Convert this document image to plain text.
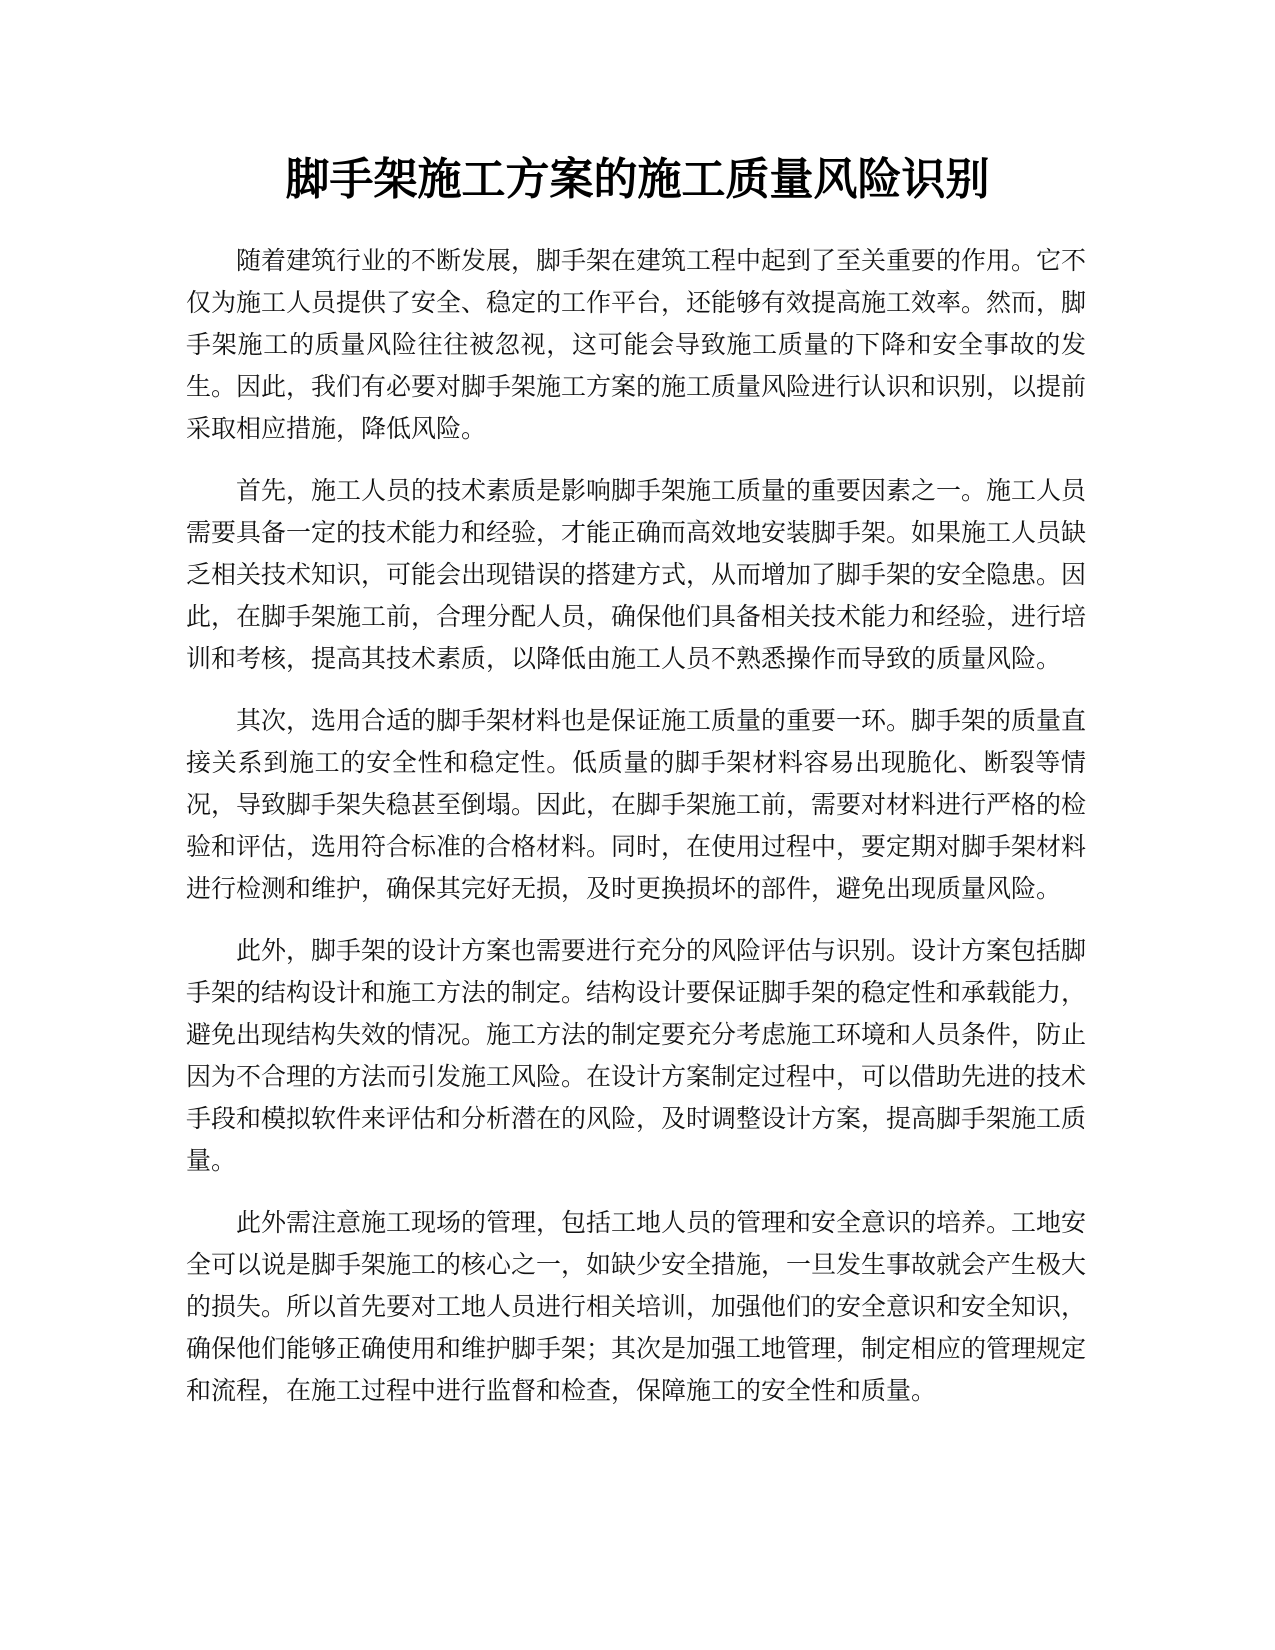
脚手架施工方案的施工质量风险识别

随着建筑行业的不断发展，脚手架在建筑工程中起到了至关重要的作用。它不仅为施工人员提供了安全、稳定的工作平台，还能够有效提高施工效率。然而，脚手架施工的质量风险往往被忽视，这可能会导致施工质量的下降和安全事故的发生。因此，我们有必要对脚手架施工方案的施工质量风险进行认识和识别，以提前采取相应措施，降低风险。

首先，施工人员的技术素质是影响脚手架施工质量的重要因素之一。施工人员需要具备一定的技术能力和经验，才能正确而高效地安装脚手架。如果施工人员缺乏相关技术知识，可能会出现错误的搭建方式，从而增加了脚手架的安全隐患。因此，在脚手架施工前，合理分配人员，确保他们具备相关技术能力和经验，进行培训和考核，提高其技术素质，以降低由施工人员不熟悉操作而导致的质量风险。

其次，选用合适的脚手架材料也是保证施工质量的重要一环。脚手架的质量直接关系到施工的安全性和稳定性。低质量的脚手架材料容易出现脆化、断裂等情况，导致脚手架失稳甚至倒塌。因此，在脚手架施工前，需要对材料进行严格的检验和评估，选用符合标准的合格材料。同时，在使用过程中，要定期对脚手架材料进行检测和维护，确保其完好无损，及时更换损坏的部件，避免出现质量风险。

此外，脚手架的设计方案也需要进行充分的风险评估与识别。设计方案包括脚手架的结构设计和施工方法的制定。结构设计要保证脚手架的稳定性和承载能力，避免出现结构失效的情况。施工方法的制定要充分考虑施工环境和人员条件，防止因为不合理的方法而引发施工风险。在设计方案制定过程中，可以借助先进的技术手段和模拟软件来评估和分析潜在的风险，及时调整设计方案，提高脚手架施工质量。

此外需注意施工现场的管理，包括工地人员的管理和安全意识的培养。工地安全可以说是脚手架施工的核心之一，如缺少安全措施，一旦发生事故就会产生极大的损失。所以首先要对工地人员进行相关培训，加强他们的安全意识和安全知识，确保他们能够正确使用和维护脚手架；其次是加强工地管理，制定相应的管理规定和流程，在施工过程中进行监督和检查，保障施工的安全性和质量。
